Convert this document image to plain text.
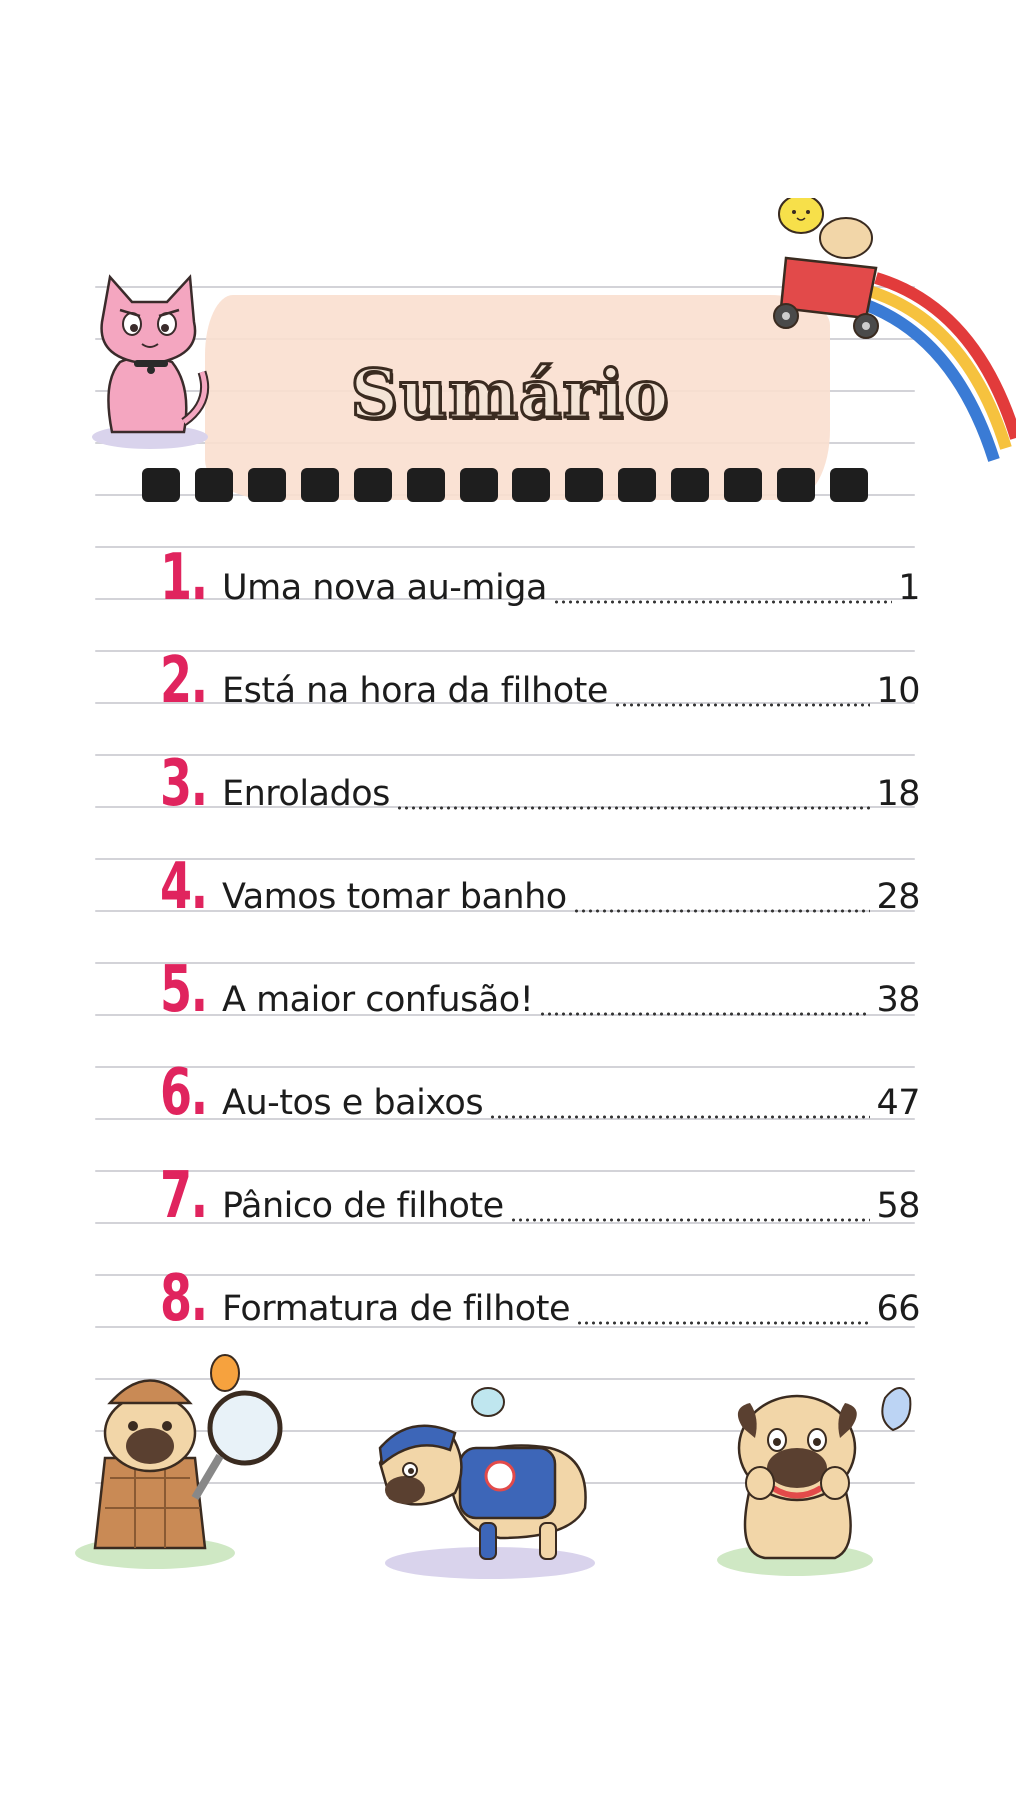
Sumário
1. Uma nova au-miga	1
2. Está na hora da filhote	10
3. Enrolados	18
4. Vamos tomar banho	28
5. A maior confusão!	38
6. Au-tos e baixos	47
7. Pânico de filhote	58
8. Formatura de filhote	66
